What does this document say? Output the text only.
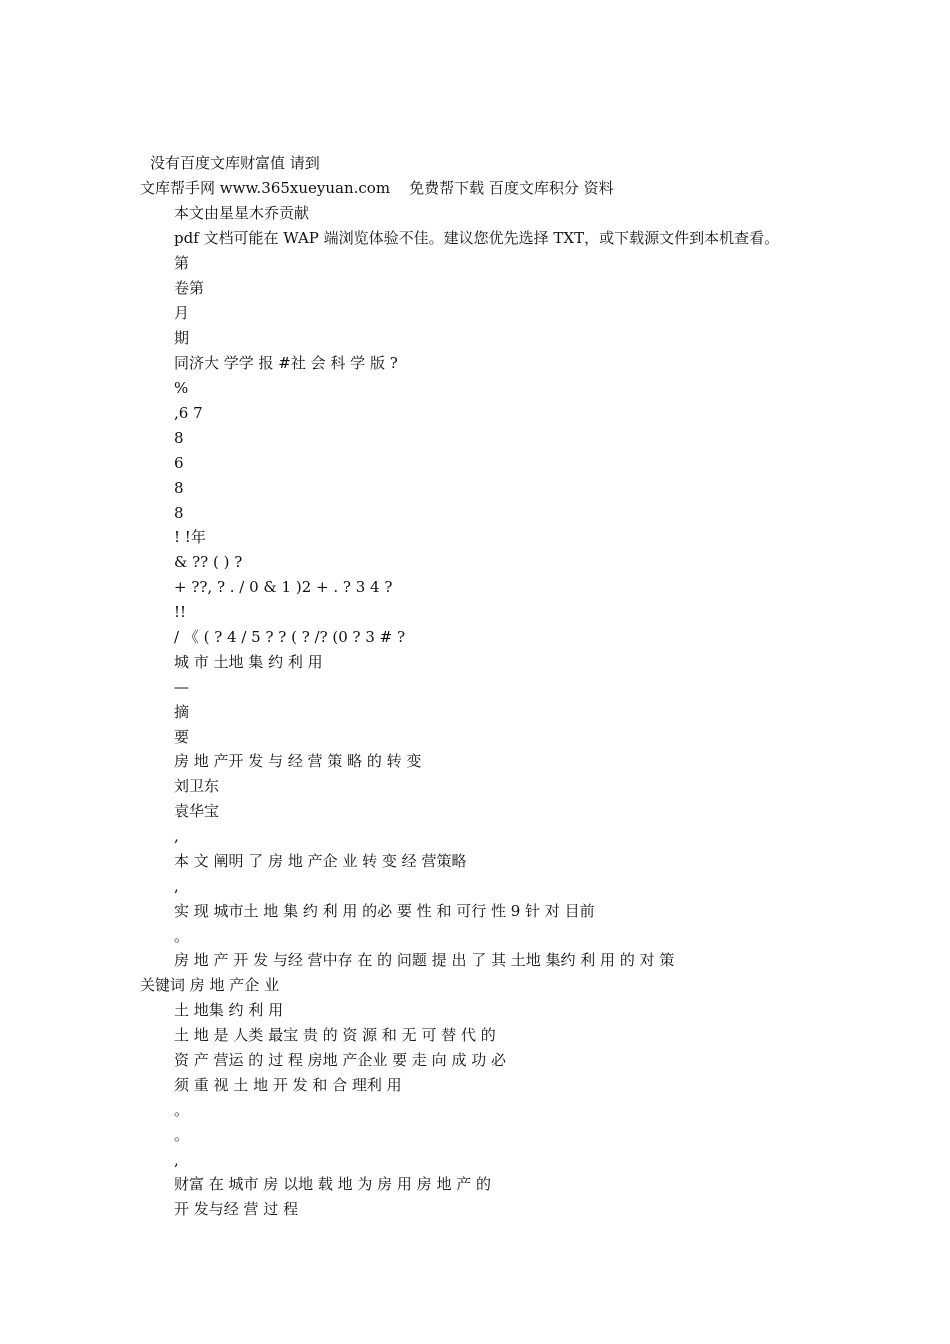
没有百度文库财富值 请到
文库帮手网 www.365xueyuan.com    免费帮下载 百度文库积分 资料
本文由星星木乔贡献
pdf 文档可能在 WAP 端浏览体验不佳。建议您优先选择 TXT，或下载源文件到本机查看。
第
卷第
月
期
同济大 学学 报 #社 会 科 学 版 ?
%
,6 7
8
6
8
8
! !年
& ?? ( ) ?
+ ??, ? . / 0 & 1 )2 + . ? 3 4 ?
!!
/ 《 ( ? 4 / 5 ? ? ( ? /? (0 ? 3 # ?
城 市 土地 集 约 利 用
—
摘
要
房 地 产开 发 与 经 营 策 略 的 转 变
刘卫东
袁华宝
,
本 文 阐明 了 房 地 产企 业 转 变 经 营策略
,
实 现 城市土 地 集 约 利 用 的必 要 性 和 可行 性 9 针 对 目前
。
房 地 产 开 发 与经 营中存 在 的 问题 提 出 了 其 土地 集约 利 用 的 对 策
关键词 房 地 产企 业
土 地集 约 利 用
土 地 是 人类 最宝 贵 的 资 源 和 无 可 替 代 的
资 产 营运 的 过 程 房地 产企业 要 走 向 成 功 必
须 重 视 土 地 开 发 和 合 理利 用
。
。
,
财富 在 城市 房 以地 载 地 为 房 用 房 地 产 的
开 发与经 营 过 程
